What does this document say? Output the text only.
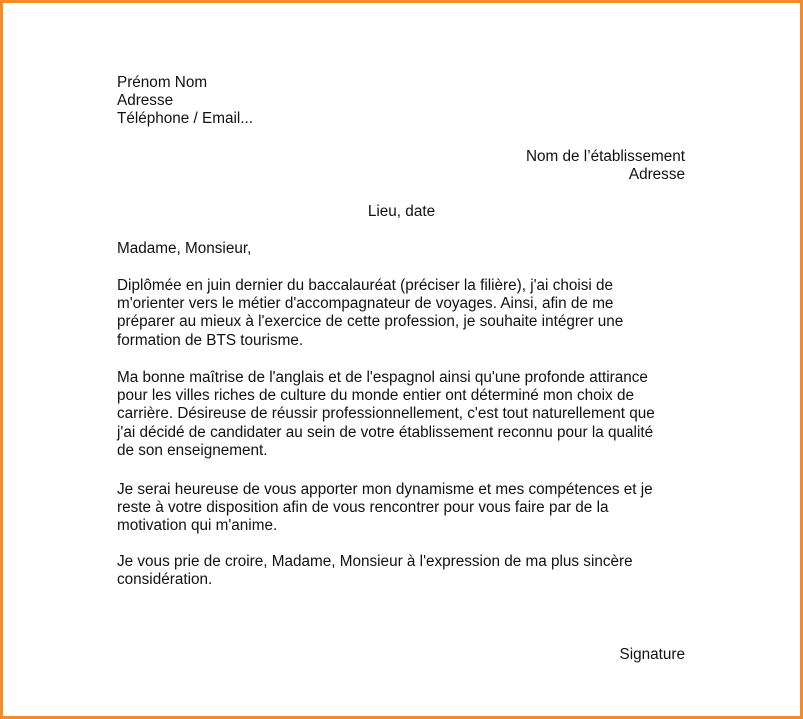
Prénom Nom
Adresse
Téléphone / Email...
Nom de l’établissement
Adresse
Lieu, date
Madame, Monsieur,
Diplômée en juin dernier du baccalauréat (préciser la filière), j'ai choisi de
m'orienter vers le métier d'accompagnateur de voyages. Ainsi, afin de me
préparer au mieux à l'exercice de cette profession, je souhaite intégrer une
formation de BTS tourisme.
Ma bonne maîtrise de l'anglais et de l'espagnol ainsi qu'une profonde attirance
pour les villes riches de culture du monde entier ont déterminé mon choix de
carrière. Désireuse de réussir professionnellement, c'est tout naturellement que
j'ai décidé de candidater au sein de votre établissement reconnu pour la qualité
de son enseignement.
Je serai heureuse de vous apporter mon dynamisme et mes compétences et je
reste à votre disposition afin de vous rencontrer pour vous faire par de la
motivation qui m'anime.
Je vous prie de croire, Madame, Monsieur à l'expression de ma plus sincère
considération.
Signature
